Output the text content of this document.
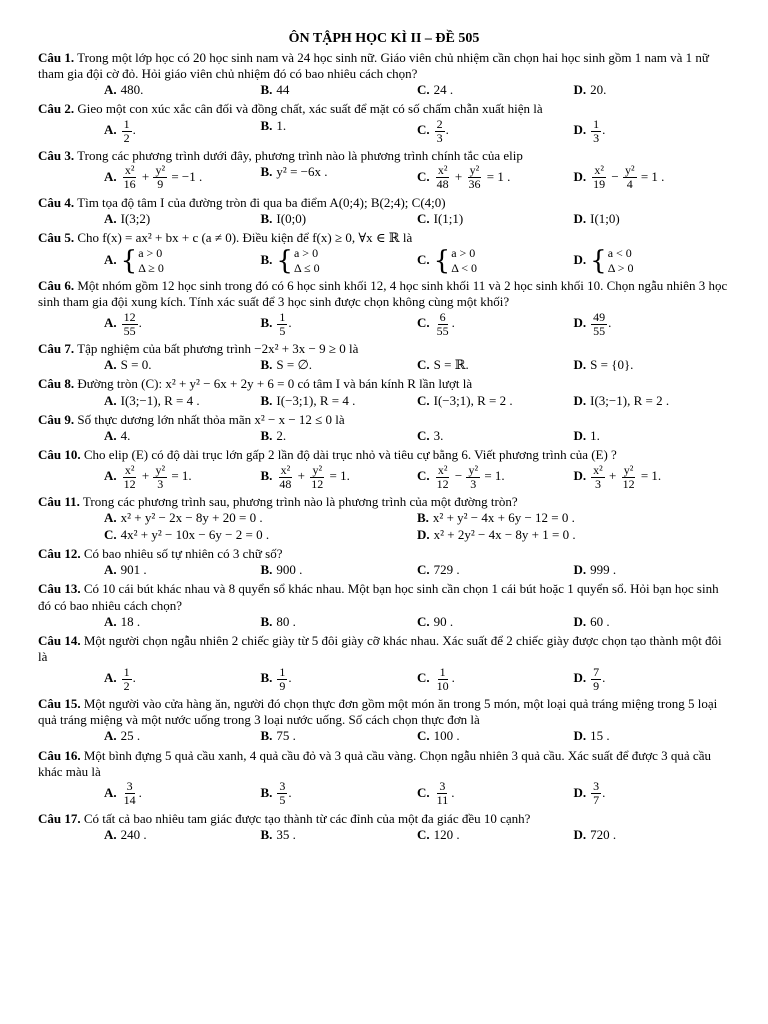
ÔN TẬPH HỌC KÌ II – ĐỀ 505
Câu 1. Trong một lớp học có 20 học sinh nam và 24 học sinh nữ. Giáo viên chủ nhiệm cần chọn hai học sinh gồm 1 nam và 1 nữ tham gia đội cờ đỏ. Hỏi giáo viên chủ nhiệm đó có bao nhiêu cách chọn?
A. 480.	B. 44	C. 24 .	D. 20.
Câu 2. Gieo một con xúc xắc cân đối và đồng chất, xác suất để mặt có số chấm chẵn xuất hiện là
A. $\frac{1}{2}$ .	B. 1.	C. $\frac{2}{3}$ .	D. $\frac{1}{3}$ .
Câu 3. Trong các phương trình dưới đây, phương trình nào là phương trình chính tắc của elip
A. $\frac{\text{x²}}{16} + \frac{\text{y²}}{9} = -1$ .	B. y² = −6x .	C. $\frac{\text{x²}}{48} + \frac{\text{y²}}{36} = 1$ .	D. $\frac{\text{x²}}{19} - \frac{\text{y²}}{4} = 1$ .
Câu 4. Tìm tọa độ tâm I của đường tròn đi qua ba điểm A(0;4); B(2;4); C(4;0)
A. I(3;2)	B. I(0;0)	C. I(1;1)	D. I(1;0)
Câu 5. Cho f(x) = ax² + bx + c (a ≠ 0). Điều kiện để f(x) ≥ 0, ∀x ∈ ℝ là
A. { a > 0
Δ ≥ 0
B. { a > 0
Δ ≤ 0
C. { a > 0
Δ < 0
D. { a < 0
Δ > 0
Câu 6. Một nhóm gồm 12 học sinh trong đó có 6 học sinh khối 12, 4 học sinh khối 11 và 2 học sinh khối 10. Chọn ngẫu nhiên 3 học sinh tham gia đội xung kích. Tính xác suất để 3 học sinh được chọn không cùng một khối?
A. $\frac{12}{55}$ .	B. $\frac{1}{5}$ .	C. $\frac{6}{55}$ .	D. $\frac{49}{55}$ .
Câu 7. Tập nghiệm của bất phương trình −2x² + 3x − 9 ≥ 0 là
A. S = 0.	B. S = ∅.	C. S = ℝ.	D. S = {0}.
Câu 8. Đường tròn (C): x² + y² − 6x + 2y + 6 = 0 có tâm I và bán kính R lần lượt là
A. I(3;−1), R = 4 .	B. I(−3;1), R = 4 .	C. I(−3;1), R = 2 .	D. I(3;−1), R = 2 .
Câu 9. Số thực dương lớn nhất thỏa mãn x² − x − 12 ≤ 0 là
A. 4.	B. 2.	C. 3.	D. 1.
Câu 10. Cho elip (E) có độ dài trục lớn gấp 2 lần độ dài trục nhỏ và tiêu cự bằng 6. Viết phương trình của (E) ?
A. $\frac{\text{x²}}{12} + \frac{\text{y²}}{3} = 1$.	B. $\frac{\text{x²}}{48} + \frac{\text{y²}}{12} = 1$.	C. $\frac{\text{x²}}{12} - \frac{\text{y²}}{3} = 1$.	D. $\frac{\text{x²}}{3} + \frac{\text{y²}}{12} = 1$.
Câu 11. Trong các phương trình sau, phương trình nào là phương trình của một đường tròn?
A. x² + y² − 2x − 8y + 20 = 0 .	B. x² + y² − 4x + 6y − 12 = 0 .
C. 4x² + y² − 10x − 6y − 2 = 0 .	D. x² + 2y² − 4x − 8y + 1 = 0 .
Câu 12. Có bao nhiêu số tự nhiên có 3 chữ số?
A. 901 .	B. 900 .	C. 729 .	D. 999 .
Câu 13. Có 10 cái bút khác nhau và 8 quyển sổ khác nhau. Một bạn học sinh cần chọn 1 cái bút hoặc 1 quyển sổ. Hỏi bạn học sinh đó có bao nhiêu cách chọn?
A. 18 .	B. 80 .	C. 90 .	D. 60 .
Câu 14. Một người chọn ngẫu nhiên 2 chiếc giày từ 5 đôi giày cỡ khác nhau. Xác suất để 2 chiếc giày được chọn tạo thành một đôi là
A. $\frac{1}{2}$ .	B. $\frac{1}{9}$ .	C. $\frac{1}{10}$ .	D. $\frac{7}{9}$ .
Câu 15. Một người vào cửa hàng ăn, người đó chọn thực đơn gồm một món ăn trong 5 món, một loại quả tráng miệng trong 5 loại quả tráng miệng và một nước uống trong 3 loại nước uống. Số cách chọn thực đơn là
A. 25 .	B. 75 .	C. 100 .	D. 15 .
Câu 16. Một bình đựng 5 quả cầu xanh, 4 quả cầu đỏ và 3 quả cầu vàng. Chọn ngẫu nhiên 3 quả cầu. Xác suất để được 3 quả cầu khác màu là
A. $\frac{3}{14}$ .	B. $\frac{3}{5}$ .	C. $\frac{3}{11}$ .	D. $\frac{3}{7}$ .
Câu 17. Có tất cả bao nhiêu tam giác được tạo thành từ các đỉnh của một đa giác đều 10 cạnh?
A. 240 .	B. 35 .	C. 120 .	D. 720 .
